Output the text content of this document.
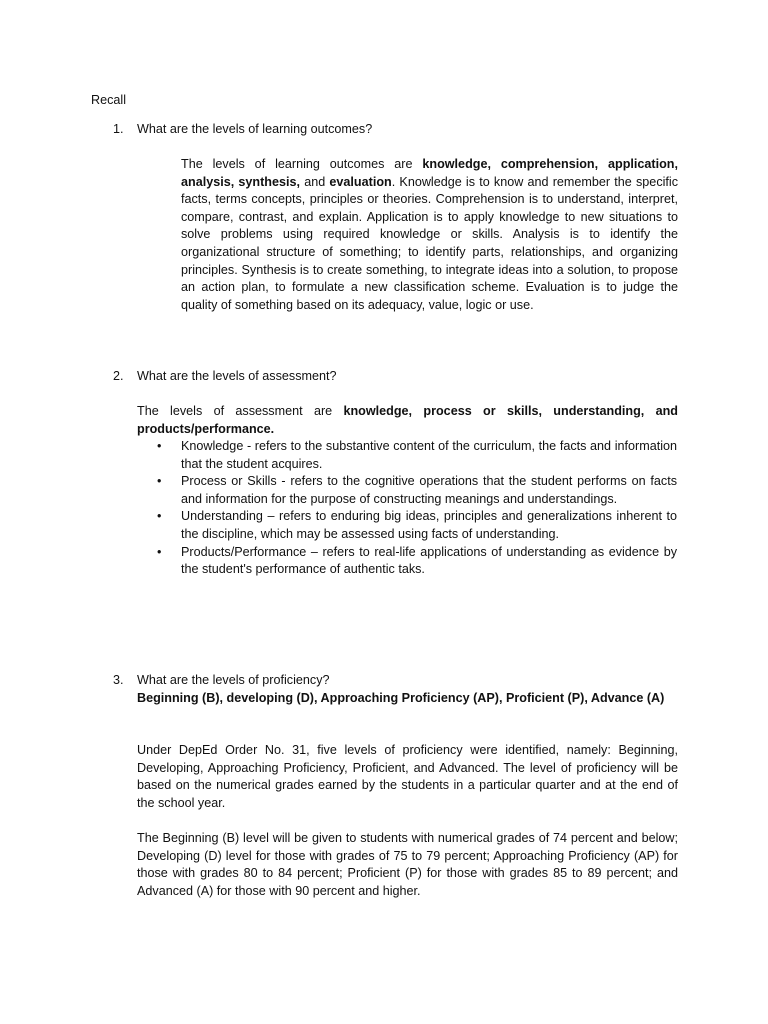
Recall
1. What are the levels of learning outcomes?

The levels of learning outcomes are knowledge, comprehension, application, analysis, synthesis, and evaluation. Knowledge is to know and remember the specific facts, terms concepts, principles or theories. Comprehension is to understand, interpret, compare, contrast, and explain. Application is to apply knowledge to new situations to solve problems using required knowledge or skills. Analysis is to identify the organizational structure of something; to identify parts, relationships, and organizing principles. Synthesis is to create something, to integrate ideas into a solution, to propose an action plan, to formulate a new classification scheme. Evaluation is to judge the quality of something based on its adequacy, value, logic or use.

2. What are the levels of assessment?

The levels of assessment are knowledge, process or skills, understanding, and products/performance.

• Knowledge - refers to the substantive content of the curriculum, the facts and information that the student acquires.
• Process or Skills - refers to the cognitive operations that the student performs on facts and information for the purpose of constructing meanings and understandings.
• Understanding – refers to enduring big ideas, principles and generalizations inherent to the discipline, which may be assessed using facts of understanding.
• Products/Performance – refers to real-life applications of understanding as evidence by the student's performance of authentic taks.
3. What are the levels of proficiency?

Beginning (B), developing (D), Approaching Proficiency (AP), Proficient (P), Advance (A)

Under DepEd Order No. 31, five levels of proficiency were identified, namely: Beginning, Developing, Approaching Proficiency, Proficient, and Advanced. The level of proficiency will be based on the numerical grades earned by the students in a particular quarter and at the end of the school year.

The Beginning (B) level will be given to students with numerical grades of 74 percent and below; Developing (D) level for those with grades of 75 to 79 percent; Approaching Proficiency (AP) for those with grades 80 to 84 percent; Proficient (P) for those with grades 85 to 89 percent; and Advanced (A) for those with 90 percent and higher.
